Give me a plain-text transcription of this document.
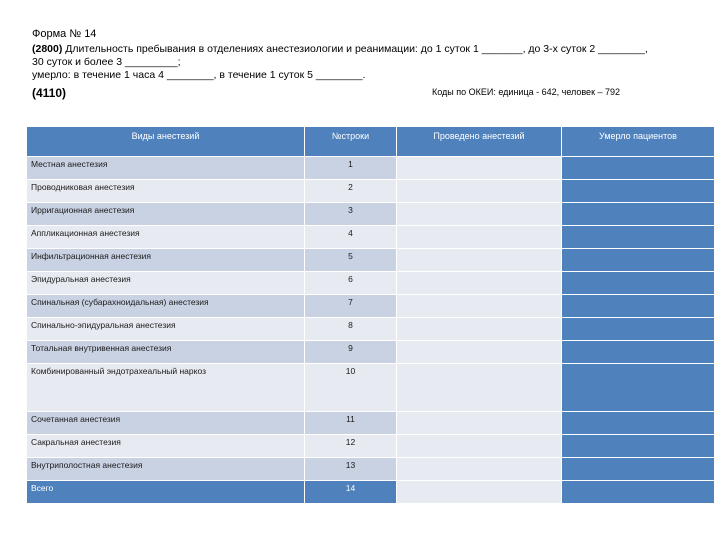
Форма № 14
(2800) Длительность пребывания в отделениях анестезиологии и реанимации: до 1 суток 1 _______, до 3-х суток 2 ________,
30 суток и более 3 _________;
умерло: в течение 1 часа 4 ________, в течение 1 суток 5 ________.
(4110)	Коды по ОКЕИ: единица - 642, человек – 792
Виды анестезий	№строки	Проведено анестезий	Умерло пациентов
Местная анестезия	1		
Проводниковая анестезия	2		
Ирригационная анестезия	3		
Аппликационная анестезия	4		
Инфильтрационная анестезия	5		
Эпидуральная анестезия	6		
Спинальная (субарахноидальная) анестезия	7		
Спинально-эпидуральная анестезия	8		
Тотальная внутривенная анестезия	9		
Комбинированный эндотрахеальный наркоз	10		
Сочетанная анестезия	11		
Сакральная анестезия	12		
Внутриполостная анестезия	13		
Всего	14		
